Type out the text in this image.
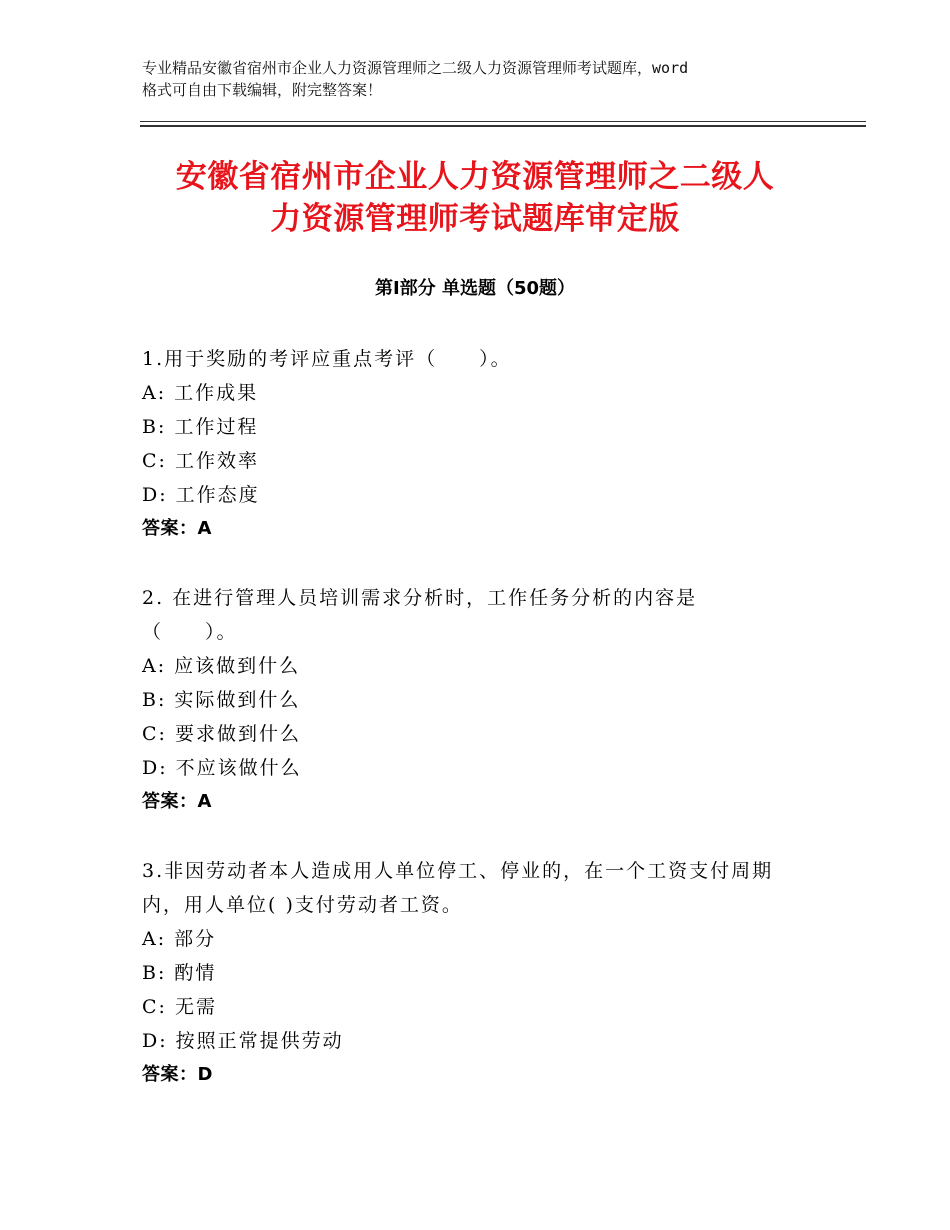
专业精品安徽省宿州市企业人力资源管理师之二级人力资源管理师考试题库，word
格式可自由下载编辑，附完整答案！
安徽省宿州市企业人力资源管理师之二级人
力资源管理师考试题库审定版
第Ⅰ部分 单选题（50题）
1.用于奖励的考评应重点考评（　　）。
A: 工作成果
B: 工作过程
C: 工作效率
D: 工作态度
答案：A
2. 在进行管理人员培训需求分析时，工作任务分析的内容是
（　　）。
A: 应该做到什么
B: 实际做到什么
C: 要求做到什么
D: 不应该做什么
答案：A
3.非因劳动者本人造成用人单位停工、停业的，在一个工资支付周期
内，用人单位( )支付劳动者工资。
A: 部分
B: 酌情
C: 无需
D: 按照正常提供劳动
答案：D
